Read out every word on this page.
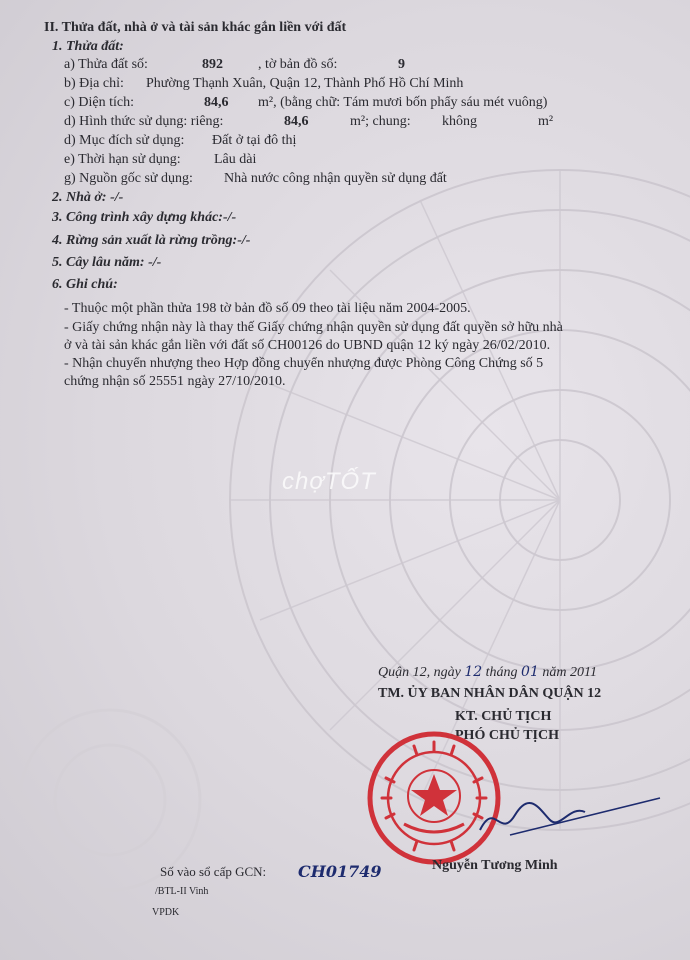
II. Thửa đất, nhà ở và tài sản khác gắn liền với đất
1. Thửa đất:
a) Thửa đất số:	892	, tờ bản đồ số:	9
b) Địa chỉ: Phường Thạnh Xuân, Quận 12, Thành Phố Hồ Chí Minh
c) Diện tích:	84,6 m², (bằng chữ: Tám mươi bốn phẩy sáu mét vuông)
d) Hình thức sử dụng: riêng:	84,6	m²; chung: không	m²
d) Mục đích sử dụng: Đất ở tại đô thị
e) Thời hạn sử dụng: Lâu dài
g) Nguồn gốc sử dụng: Nhà nước công nhận quyền sử dụng đất
2. Nhà ở: -/-
3. Công trình xây dựng khác:-/-
4. Rừng sản xuất là rừng trồng:-/-
5. Cây lâu năm: -/-
6. Ghi chú:
- Thuộc một phần thửa 198 tờ bản đồ số 09 theo tài liệu năm 2004-2005.
- Giấy chứng nhận này là thay thế Giấy chứng nhận quyền sử dụng đất quyền sở hữu nhà
ở và tài sản khác gắn liền với đất số CH00126 do UBND quận 12 ký ngày 26/02/2010.
- Nhận chuyển nhượng theo Hợp đồng chuyển nhượng được Phòng Công Chứng số 5
chứng nhận số 25551 ngày 27/10/2010.
chợTỐT
Quận 12, ngày 12 tháng 01 năm 2011
TM. ỦY BAN NHÂN DÂN QUẬN 12
KT. CHỦ TỊCH
PHÓ CHỦ TỊCH
Nguyễn Tương Minh
Số vào sổ cấp GCN: CH01749
/BTL-II Vinh
VPDK
